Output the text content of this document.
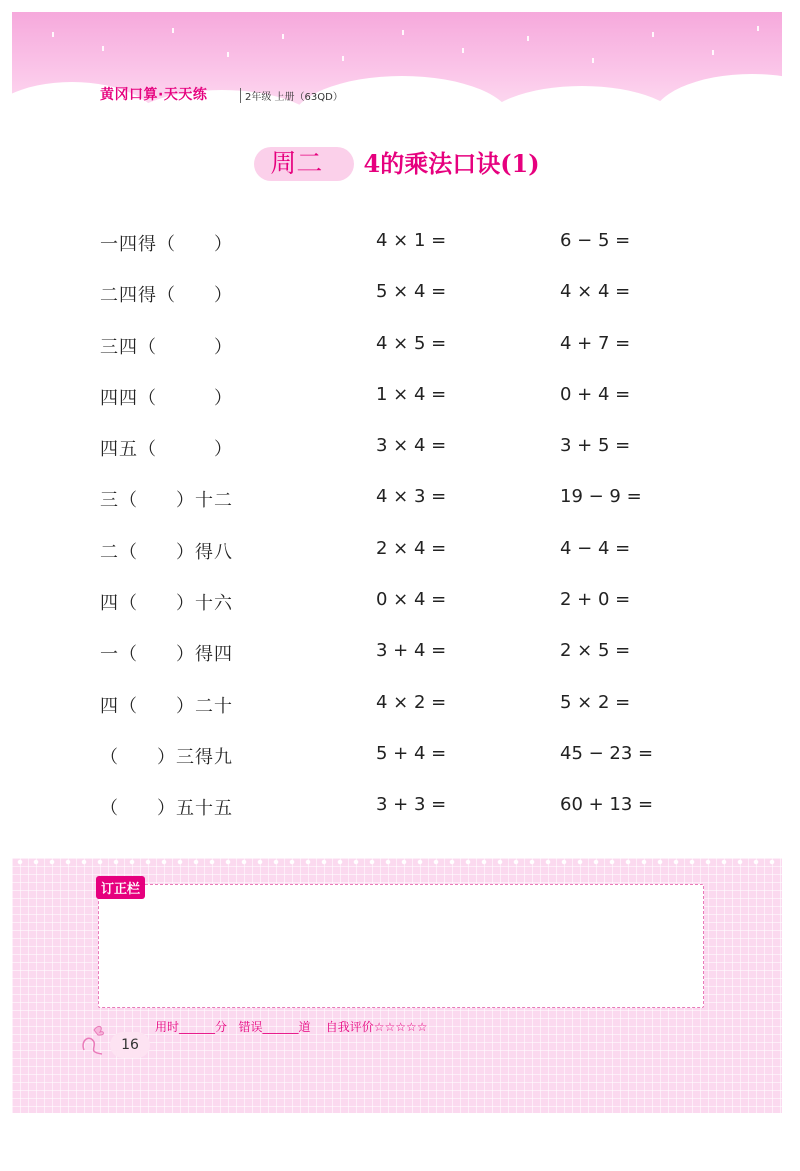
黄冈口算·天天练	2年级 上册（63QD）
周二 4的乘法口诀(1)
一四得（　　）	4 × 1 =	6 − 5 =
二四得（　　）	5 × 4 =	4 × 4 =
三四（　　　）	4 × 5 =	4 + 7 =
四四（　　　）	1 × 4 =	0 + 4 =
四五（　　　）	3 × 4 =	3 + 5 =
三（　　）十二	4 × 3 =	19 − 9 =
二（　　）得八	2 × 4 =	4 − 4 =
四（　　）十六	0 × 4 =	2 + 0 =
一（　　）得四	3 + 4 =	2 × 5 =
四（　　）二十	4 × 2 =	5 × 2 =
（　　）三得九	5 + 4 =	45 − 23 =
（　　）五十五	3 + 3 =	60 + 13 =
订正栏
16
用时______分   错误______道    自我评价☆☆☆☆☆
